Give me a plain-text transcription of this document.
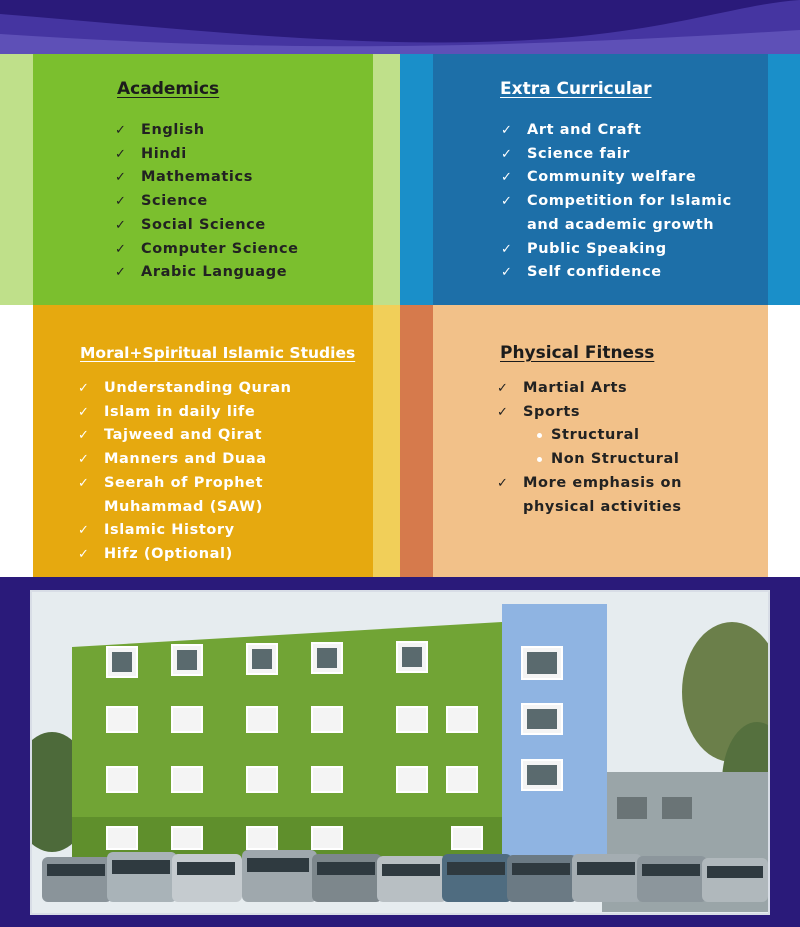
Academics
✓ English
✓ Hindi
✓ Mathematics
✓ Science
✓ Social Science
✓ Computer Science
✓ Arabic Language
Extra Curricular
✓ Art and Craft
✓ Science fair
✓ Community welfare
✓ Competition for Islamic
and academic growth
✓ Public Speaking
✓ Self confidence
Moral+Spiritual Islamic Studies
✓ Understanding Quran
✓ Islam in daily life
✓ Tajweed and Qirat
✓ Manners and Duaa
✓ Seerah of Prophet
Muhammad (SAW)
✓ Islamic History
✓ Hifz (Optional)
Physical Fitness
✓ Martial Arts
✓ Sports
Structural
Non Structural
✓ More emphasis on
physical activities
